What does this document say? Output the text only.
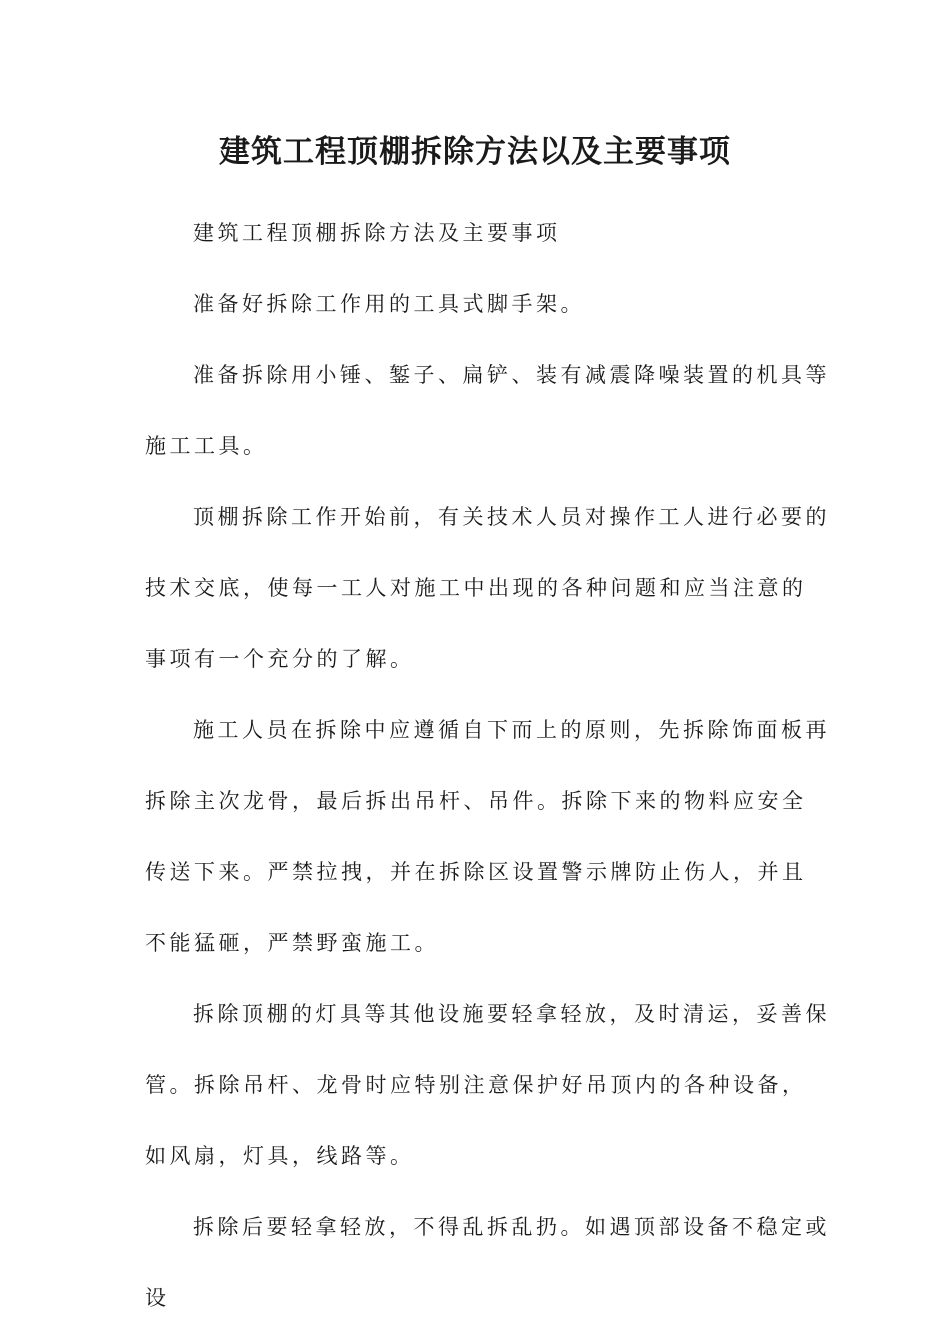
建筑工程顶棚拆除方法以及主要事项

建筑工程顶棚拆除方法及主要事项

准备好拆除工作用的工具式脚手架。

准备拆除用小锤、錾子、扁铲、装有减震降噪装置的机具等施工工具。

顶棚拆除工作开始前，有关技术人员对操作工人进行必要的技术交底，使每一工人对施工中出现的各种问题和应当注意的事项有一个充分的了解。

施工人员在拆除中应遵循自下而上的原则，先拆除饰面板再拆除主次龙骨，最后拆出吊杆、吊件。拆除下来的物料应安全传送下来。严禁拉拽，并在拆除区设置警示牌防止伤人，并且不能猛砸，严禁野蛮施工。

拆除顶棚的灯具等其他设施要轻拿轻放，及时清运，妥善保管。拆除吊杆、龙骨时应特别注意保护好吊顶内的各种设备，如风扇，灯具，线路等。

拆除后要轻拿轻放，不得乱拆乱扔。如遇顶部设备不稳定或设
